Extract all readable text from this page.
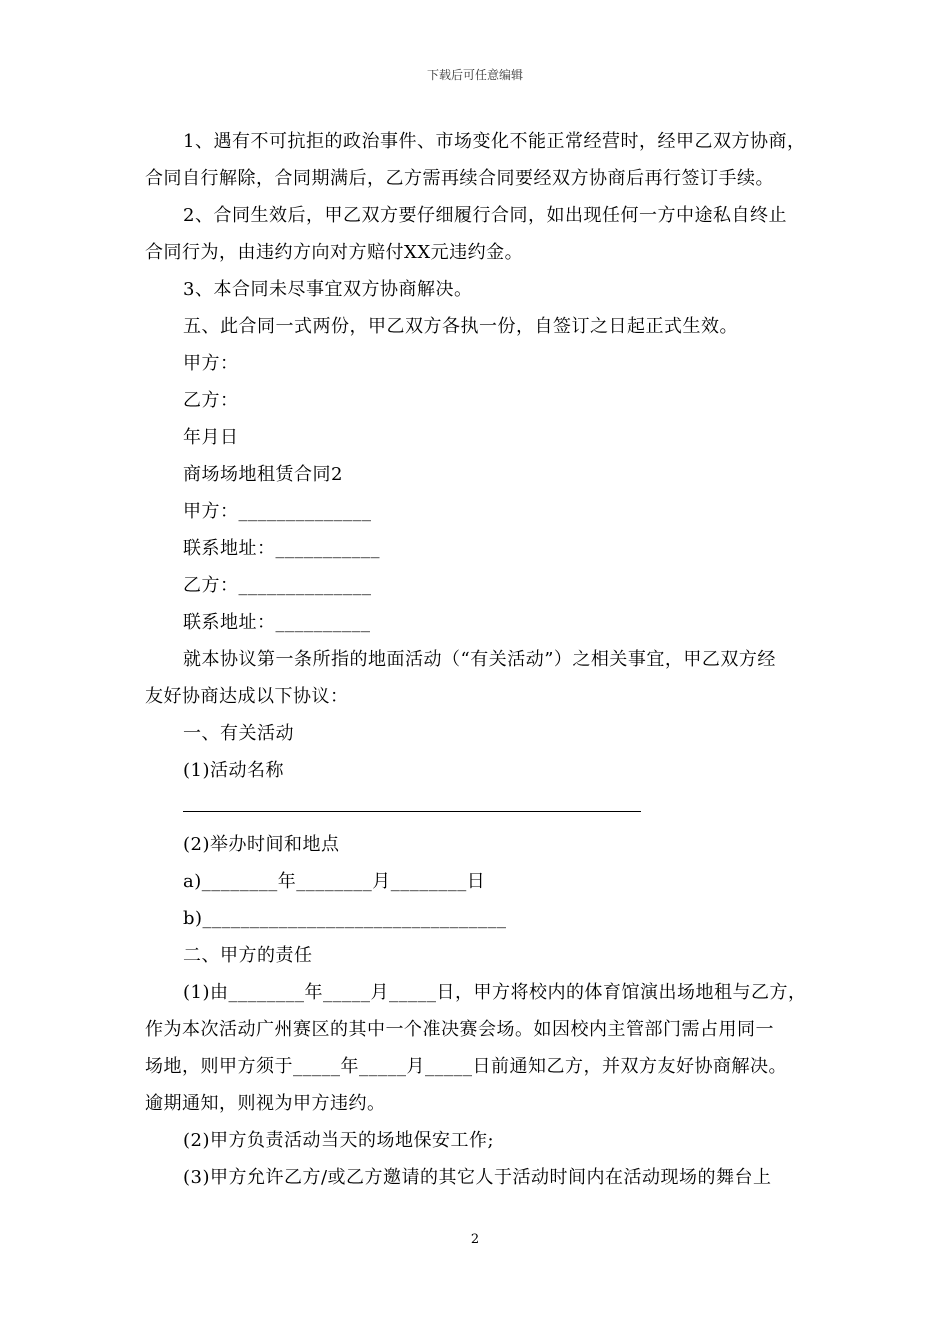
下载后可任意编辑
1、遇有不可抗拒的政治事件、市场变化不能正常经营时，经甲乙双方协商，
合同自行解除，合同期满后，乙方需再续合同要经双方协商后再行签订手续。
2、合同生效后，甲乙双方要仔细履行合同，如出现任何一方中途私自终止
合同行为，由违约方向对方赔付XX元违约金。
3、本合同未尽事宜双方协商解决。
五、此合同一式两份，甲乙双方各执一份，自签订之日起正式生效。
甲方：
乙方：
年月日
商场场地租赁合同2
甲方：______________
联系地址：___________
乙方：______________
联系地址：__________
就本协议第一条所指的地面活动（“有关活动”）之相关事宜，甲乙双方经
友好协商达成以下协议：
一、有关活动
(1)活动名称
(2)举办时间和地点
a)________年________月________日
b)________________________________
二、甲方的责任
(1)由________年_____月_____日，甲方将校内的体育馆演出场地租与乙方，
作为本次活动广州赛区的其中一个准决赛会场。如因校内主管部门需占用同一
场地，则甲方须于_____年_____月_____日前通知乙方，并双方友好协商解决。
逾期通知，则视为甲方违约。
(2)甲方负责活动当天的场地保安工作;
(3)甲方允许乙方/或乙方邀请的其它人于活动时间内在活动现场的舞台上
2
